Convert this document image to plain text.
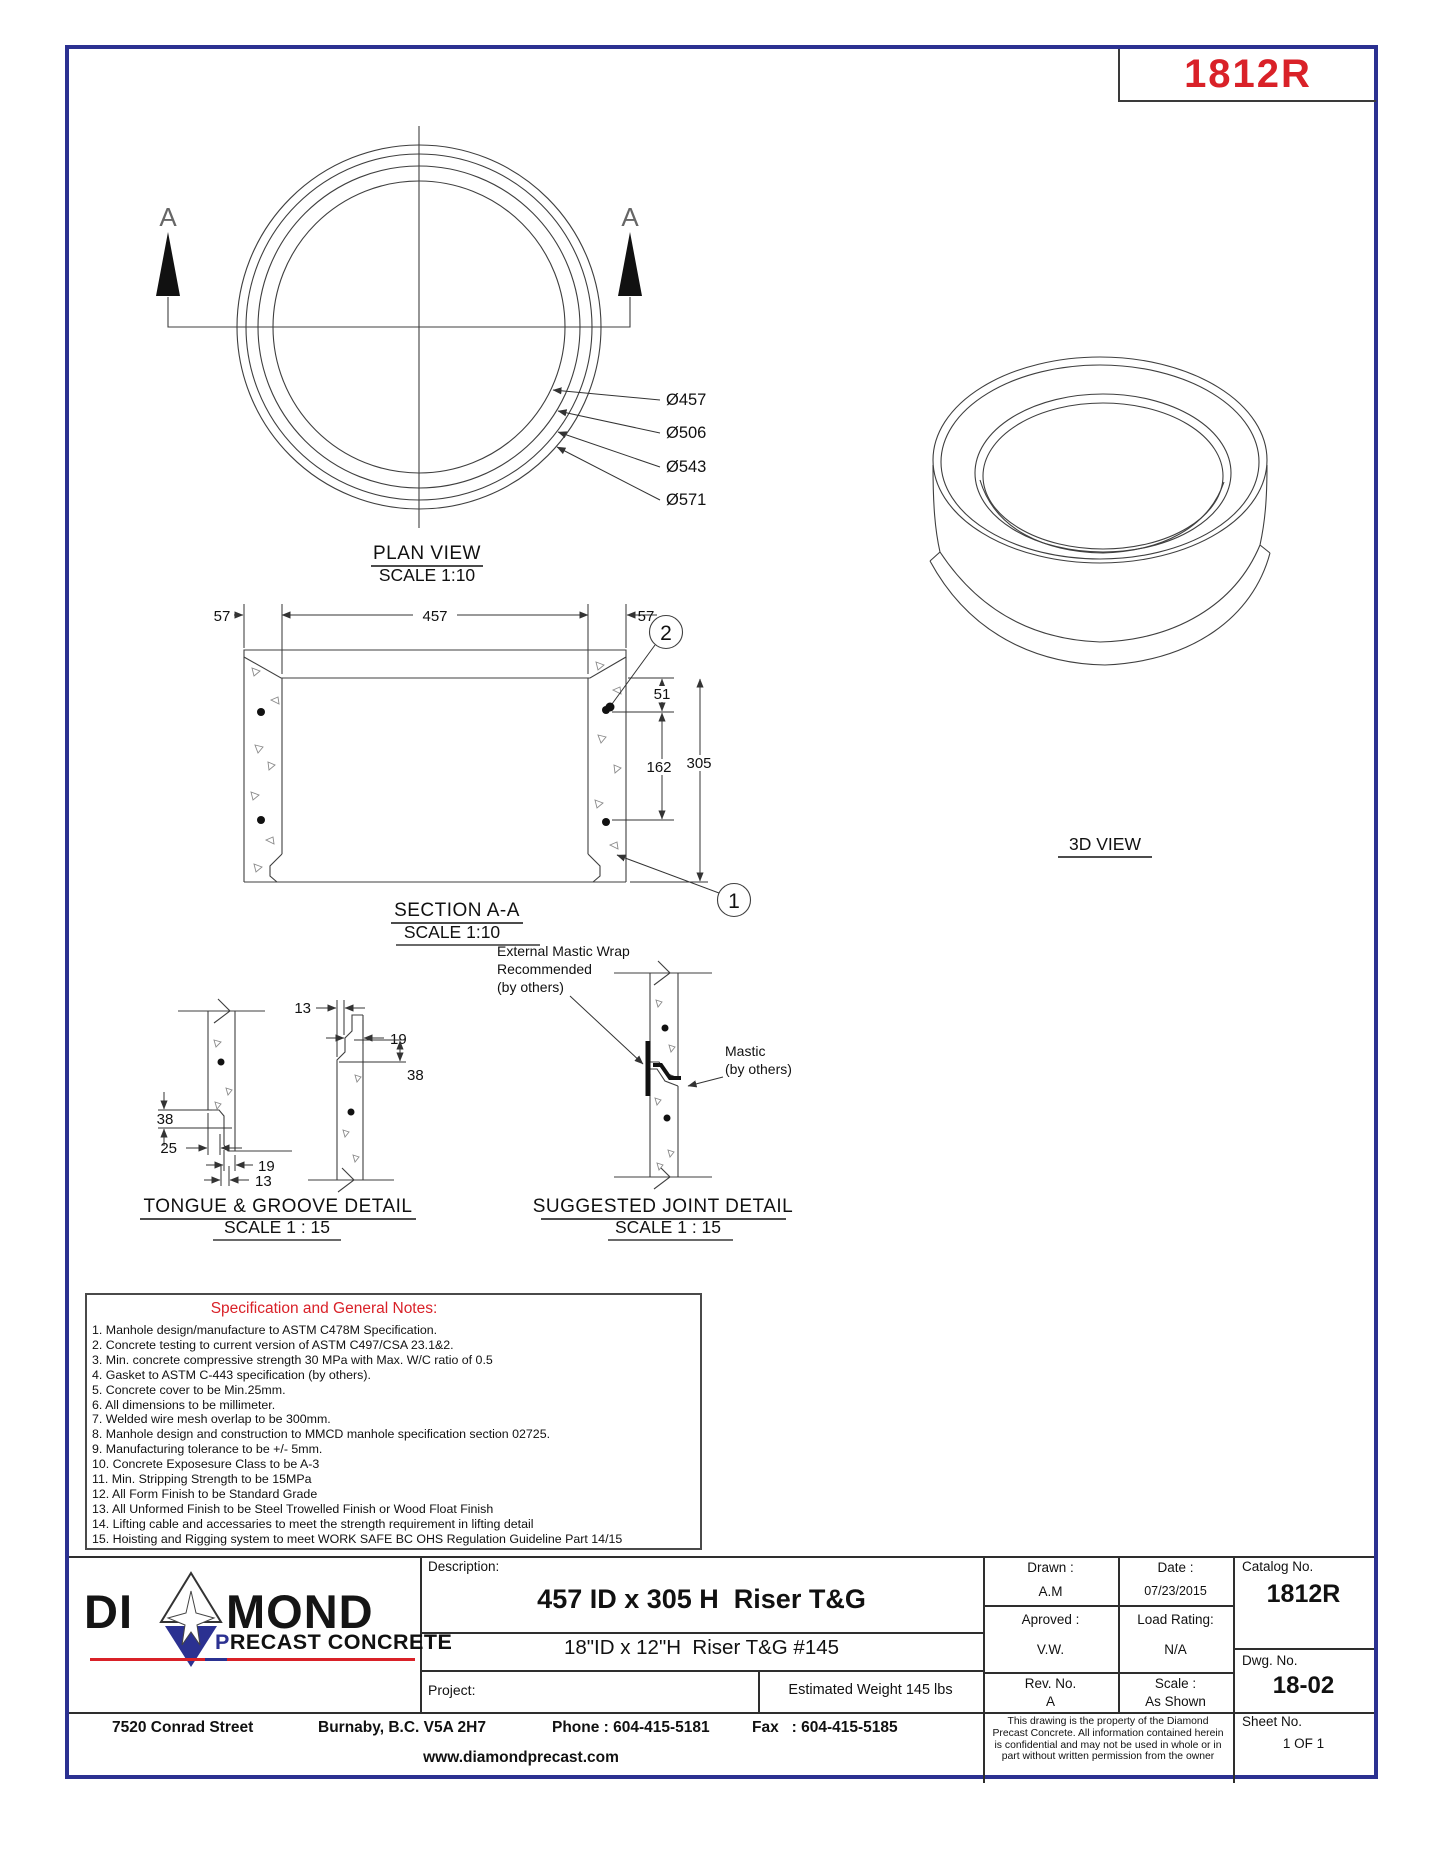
1812R
A	A
Ø457
Ø506
Ø543
Ø571
PLAN VIEW
SCALE 1:10
57	457	57
51
162 305
2
1
SECTION A-A
SCALE 1:10
38
25
19
13
13
19
38
TONGUE & GROOVE DETAIL
SCALE 1 : 15
External Mastic Wrap
Recommended
(by others)
Mastic
(by others)
SUGGESTED JOINT DETAIL
SCALE 1 : 15
3D VIEW
Specification and General Notes:
1. Manhole design/manufacture to ASTM C478M Specification.
2. Concrete testing to current version of ASTM C497/CSA 23.1&2.
3. Min. concrete compressive strength 30 MPa with Max. W/C ratio of 0.5
4. Gasket to ASTM C-443 specification (by others).
5. Concrete cover to be Min.25mm.
6. All dimensions to be millimeter.
7. Welded wire mesh overlap to be 300mm.
8. Manhole design and construction to MMCD manhole specification section 02725.
9. Manufacturing tolerance to be +/- 5mm.
10. Concrete Exposesure Class to be A-3
11. Min. Stripping Strength to be 15MPa
12. All Form Finish to be Standard Grade
13. All Unformed Finish to be Steel Trowelled Finish or Wood Float Finish
14. Lifting cable and accessaries to meet the strength requirement in lifting detail
15. Hoisting and Rigging system to meet WORK SAFE BC OHS Regulation Guideline Part 14/15
DI MOND
PRECAST CONCRETE
Description:
457 ID x 305 H  Riser T&G
18"ID x 12"H  Riser T&G #145
Project:	Estimated Weight 145 lbs
Drawn :
A.M
Date :
07/23/2015
Aproved :
V.W.
Load Rating:
N/A
Rev. No.
A
Scale :
As Shown
Catalog No.
1812R
Dwg. No.
18-02
Sheet No.
1 OF 1
This drawing is the property of the Diamond Precast Concrete. All information contained herein is confidential and may not be used in whole or in part without written permission from the owner
7520 Conrad Street	Burnaby, B.C. V5A 2H7	Phone : 604-415-5181	Fax   : 604-415-5185
www.diamondprecast.com
